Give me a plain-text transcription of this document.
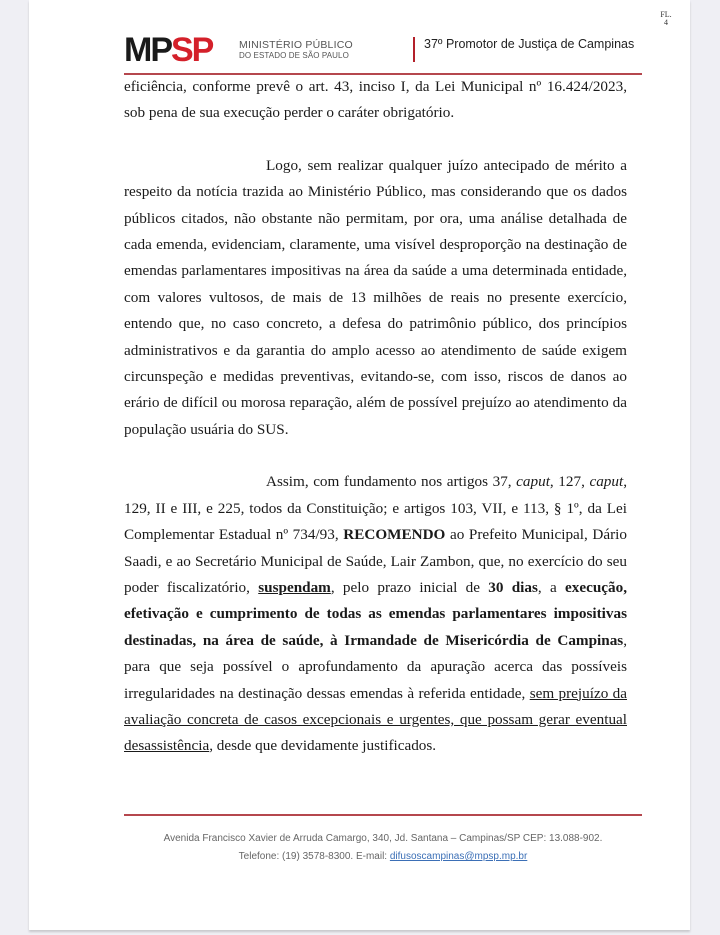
FL.
4
MPSP	MINISTÉRIO PÚBLICO
DO ESTADO DE SÃO PAULO
37º Promotor de Justiça de Campinas

eficiência, conforme prevê o art. 43, inciso I, da Lei Municipal nº 16.424/2023, sob pena de sua execução perder o caráter obrigatório.

Logo, sem realizar qualquer juízo antecipado de mérito a respeito da notícia trazida ao Ministério Público, mas considerando que os dados públicos citados, não obstante não permitam, por ora, uma análise detalhada de cada emenda, evidenciam, claramente, uma visível desproporção na destinação de emendas parlamentares impositivas na área da saúde a uma determinada entidade, com valores vultosos, de mais de 13 milhões de reais no presente exercício, entendo que, no caso concreto, a defesa do patrimônio público, dos princípios administrativos e da garantia do amplo acesso ao atendimento de saúde exigem circunspeção e medidas preventivas, evitando-se, com isso, riscos de danos ao erário de difícil ou morosa reparação, além de possível prejuízo ao atendimento da população usuária do SUS.

Assim, com fundamento nos artigos 37, caput, 127, caput, 129, II e III, e 225, todos da Constituição; e artigos 103, VII, e 113, § 1º, da Lei Complementar Estadual nº 734/93, RECOMENDO ao Prefeito Municipal, Dário Saadi, e ao Secretário Municipal de Saúde, Lair Zambon, que, no exercício do seu poder fiscalizatório, suspendam, pelo prazo inicial de 30 dias, a execução, efetivação e cumprimento de todas as emendas parlamentares impositivas destinadas, na área de saúde, à Irmandade de Misericórdia de Campinas, para que seja possível o aprofundamento da apuração acerca das possíveis irregularidades na destinação dessas emendas à referida entidade, sem prejuízo da avaliação concreta de casos excepcionais e urgentes, que possam gerar eventual desassistência, desde que devidamente justificados.

Avenida Francisco Xavier de Arruda Camargo, 340, Jd. Santana – Campinas/SP CEP: 13.088-902.
Telefone: (19) 3578-8300. E-mail: difusoscampinas@mpsp.mp.br
